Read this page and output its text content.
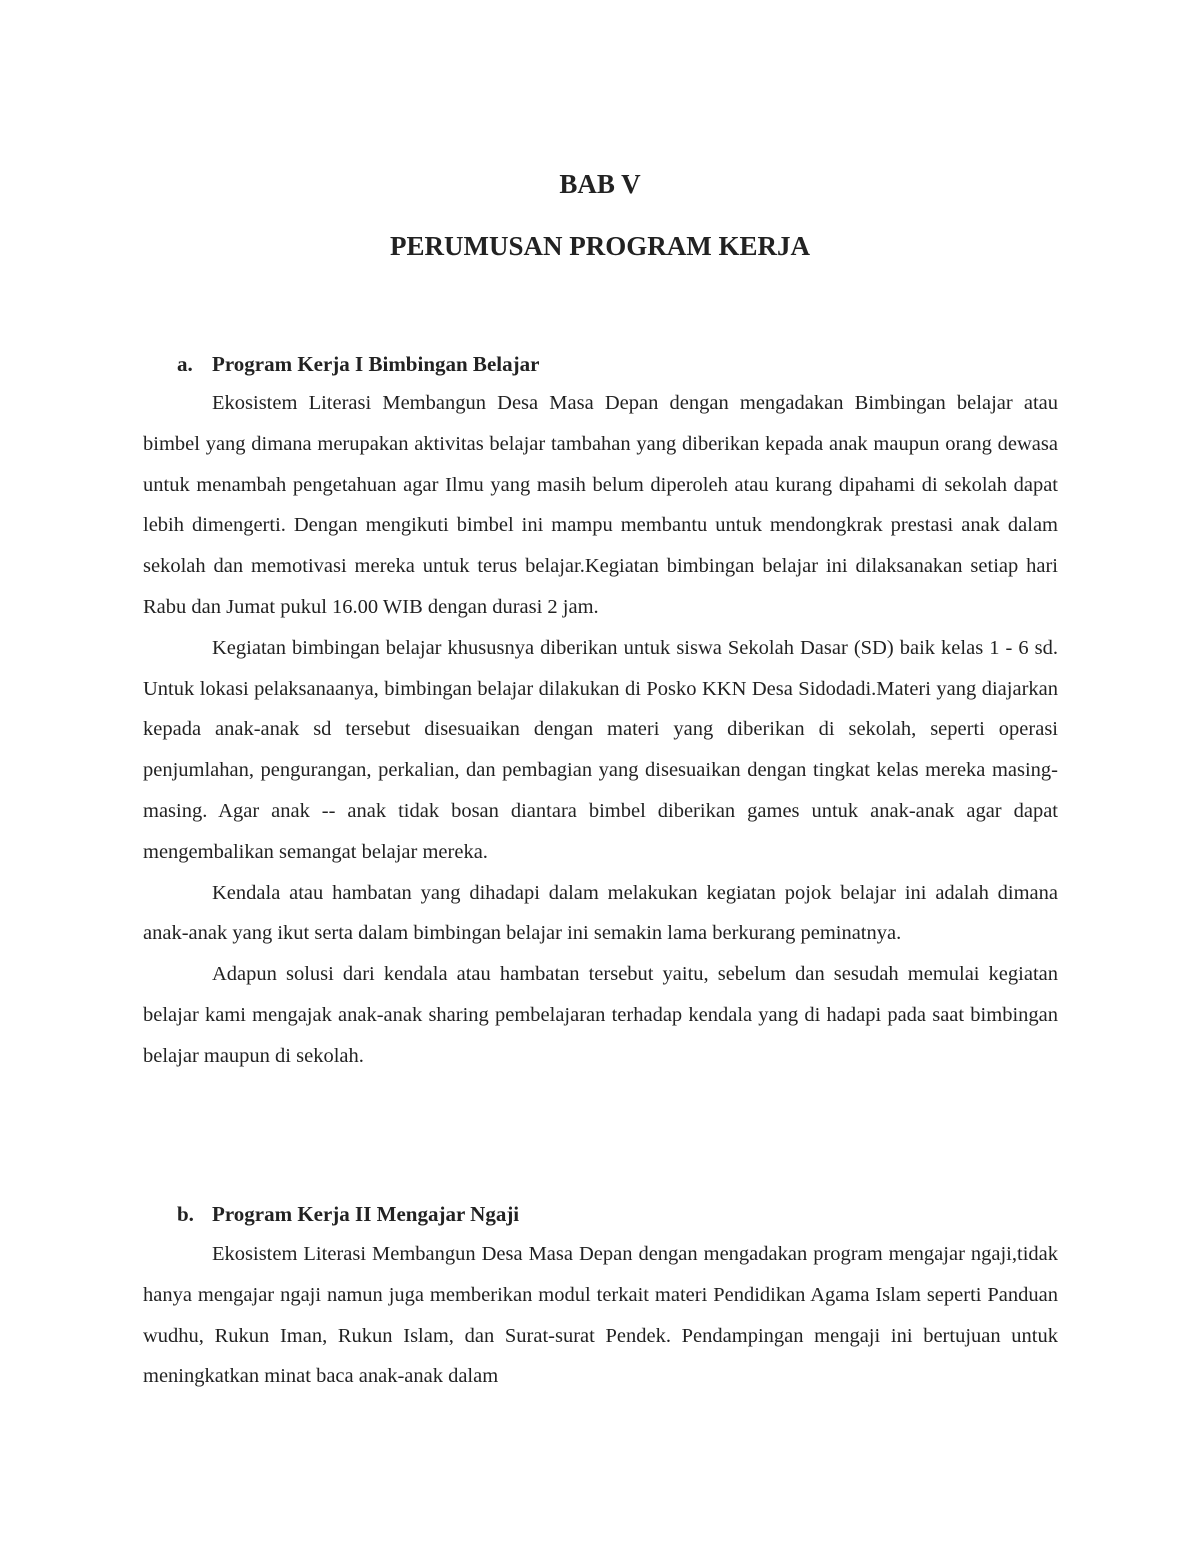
BAB V
PERUMUSAN PROGRAM KERJA
a. Program Kerja I Bimbingan Belajar

Ekosistem Literasi Membangun Desa Masa Depan dengan mengadakan Bimbingan belajar atau bimbel yang dimana merupakan aktivitas belajar tambahan yang diberikan kepada anak maupun orang dewasa untuk menambah pengetahuan agar Ilmu yang masih belum diperoleh atau kurang dipahami di sekolah dapat lebih dimengerti. Dengan mengikuti bimbel ini mampu membantu untuk mendongkrak prestasi anak dalam sekolah dan memotivasi mereka untuk terus belajar.Kegiatan bimbingan belajar ini dilaksanakan setiap hari Rabu dan Jumat pukul 16.00 WIB dengan durasi 2 jam.

Kegiatan bimbingan belajar khususnya diberikan untuk siswa Sekolah Dasar (SD) baik kelas 1 - 6 sd. Untuk lokasi pelaksanaanya, bimbingan belajar dilakukan di Posko KKN Desa Sidodadi.Materi yang diajarkan kepada anak-anak sd tersebut disesuaikan dengan materi yang diberikan di sekolah, seperti operasi penjumlahan, pengurangan, perkalian, dan pembagian yang disesuaikan dengan tingkat kelas mereka masing-masing. Agar anak -- anak tidak bosan diantara bimbel diberikan games untuk anak-anak agar dapat mengembalikan semangat belajar mereka.

Kendala atau hambatan yang dihadapi dalam melakukan kegiatan pojok belajar ini adalah dimana anak-anak yang ikut serta dalam bimbingan belajar ini semakin lama berkurang peminatnya.

Adapun solusi dari kendala atau hambatan tersebut yaitu, sebelum dan sesudah memulai kegiatan belajar kami mengajak anak-anak sharing pembelajaran terhadap kendala yang di hadapi pada saat bimbingan belajar maupun di sekolah.

b. Program Kerja II Mengajar Ngaji

Ekosistem Literasi Membangun Desa Masa Depan dengan mengadakan program mengajar ngaji,tidak hanya mengajar ngaji namun juga memberikan modul terkait materi Pendidikan Agama Islam seperti Panduan wudhu, Rukun Iman, Rukun Islam, dan Surat-surat Pendek. Pendampingan mengaji ini bertujuan untuk meningkatkan minat baca anak-anak dalam
